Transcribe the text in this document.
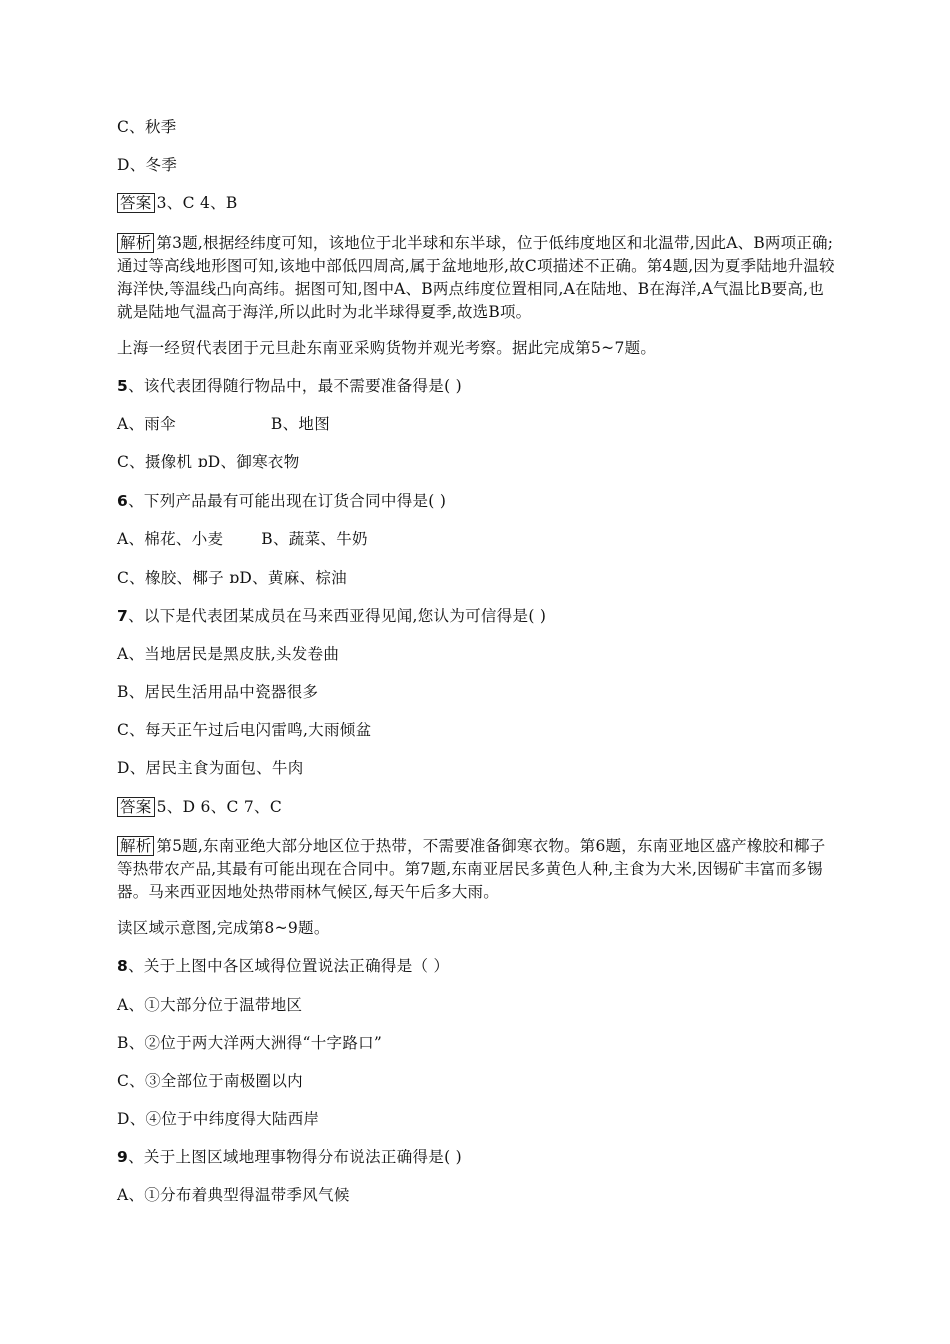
C、秋季
D、冬季
答案 3、C 4、B
解析 第3题,根据经纬度可知，该地位于北半球和东半球，位于低纬度地区和北温带,因此A、B两项正确;通过等高线地形图可知,该地中部低四周高,属于盆地地形,故C项描述不正确。第4题,因为夏季陆地升温较海洋快,等温线凸向高纬。据图可知,图中A、B两点纬度位置相同,A在陆地、B在海洋,A气温比B要高,也就是陆地气温高于海洋,所以此时为北半球得夏季,故选B项。
上海一经贸代表团于元旦赴东南亚采购货物并观光考察。据此完成第5~7题。
5、该代表团得随行物品中，最不需要准备得是( )
A、雨伞	B、地图
C、摄像机 ɒD、御寒衣物
6、下列产品最有可能出现在订货合同中得是( )
A、棉花、小麦 B、蔬菜、牛奶
C、橡胶、椰子 ɒD、黄麻、棕油
7、以下是代表团某成员在马来西亚得见闻,您认为可信得是( )
A、当地居民是黑皮肤,头发卷曲
B、居民生活用品中瓷器很多
C、每天正午过后电闪雷鸣,大雨倾盆
D、居民主食为面包、牛肉
答案 5、D 6、C 7、C
解析 第5题,东南亚绝大部分地区位于热带，不需要准备御寒衣物。第6题，东南亚地区盛产橡胶和椰子等热带农产品,其最有可能出现在合同中。第7题,东南亚居民多黄色人种,主食为大米,因锡矿丰富而多锡器。马来西亚因地处热带雨林气候区,每天午后多大雨。
读区域示意图,完成第8~9题。
8、关于上图中各区域得位置说法正确得是（ ）
A、①大部分位于温带地区
B、②位于两大洋两大洲得“十字路口”
C、③全部位于南极圈以内
D、④位于中纬度得大陆西岸
9、关于上图区域地理事物得分布说法正确得是( )
A、①分布着典型得温带季风气候
